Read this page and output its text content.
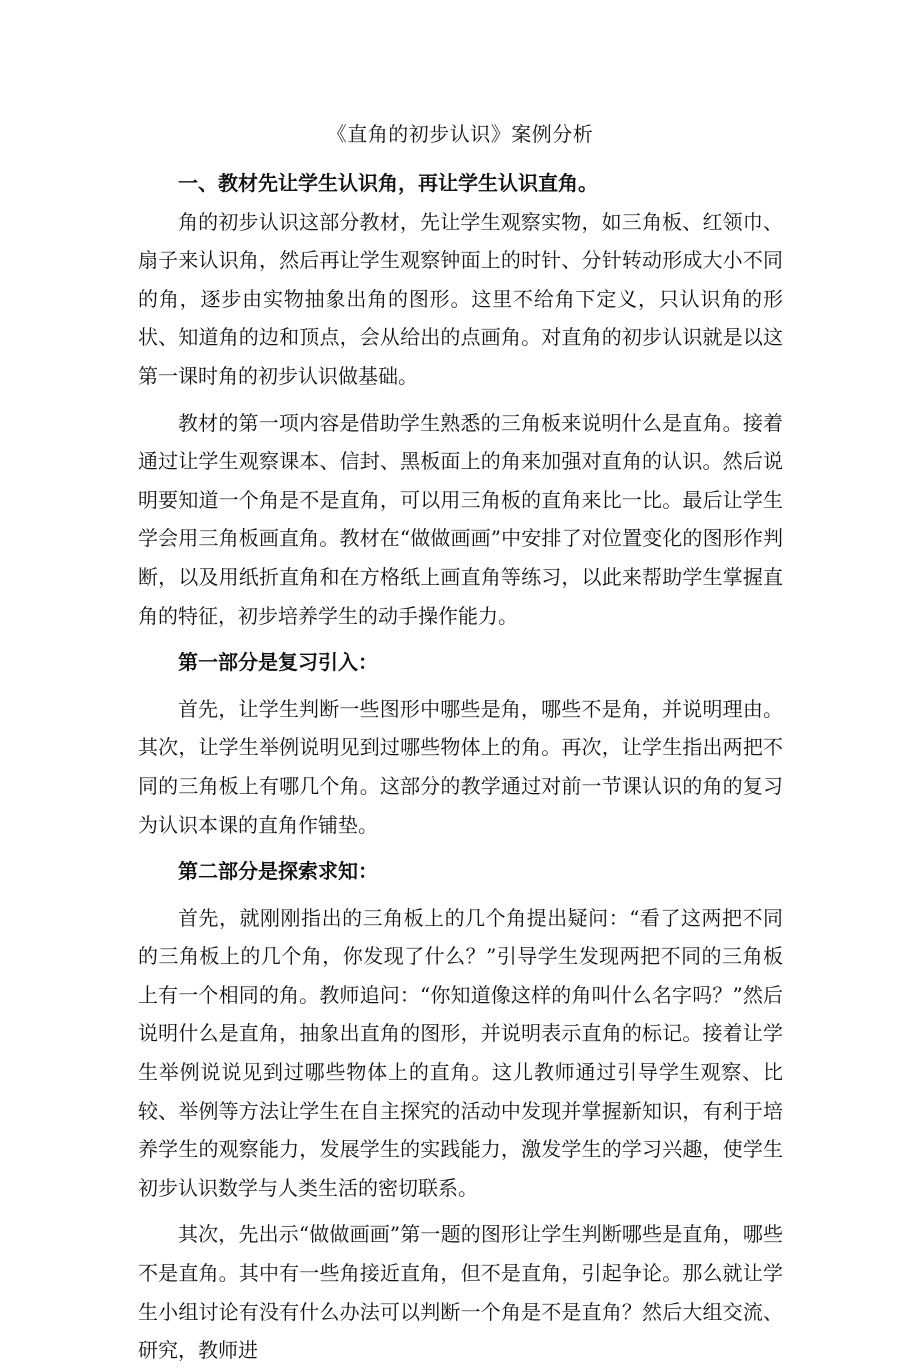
《直角的初步认识》案例分析

一、教材先让学生认识角，再让学生认识直角。

角的初步认识这部分教材，先让学生观察实物，如三角板、红领巾、扇子来认识角，然后再让学生观察钟面上的时针、分针转动形成大小不同的角，逐步由实物抽象出角的图形。这里不给角下定义，只认识角的形状、知道角的边和顶点，会从给出的点画角。对直角的初步认识就是以这第一课时角的初步认识做基础。

教材的第一项内容是借助学生熟悉的三角板来说明什么是直角。接着通过让学生观察课本、信封、黑板面上的角来加强对直角的认识。然后说明要知道一个角是不是直角，可以用三角板的直角来比一比。最后让学生学会用三角板画直角。教材在“做做画画”中安排了对位置变化的图形作判断，以及用纸折直角和在方格纸上画直角等练习，以此来帮助学生掌握直角的特征，初步培养学生的动手操作能力。

第一部分是复习引入：

首先，让学生判断一些图形中哪些是角，哪些不是角，并说明理由。其次，让学生举例说明见到过哪些物体上的角。再次，让学生指出两把不同的三角板上有哪几个角。这部分的教学通过对前一节课认识的角的复习为认识本课的直角作铺垫。

第二部分是探索求知：

首先，就刚刚指出的三角板上的几个角提出疑问：“看了这两把不同的三角板上的几个角，你发现了什么？”引导学生发现两把不同的三角板上有一个相同的角。教师追问：“你知道像这样的角叫什么名字吗？”然后说明什么是直角，抽象出直角的图形，并说明表示直角的标记。接着让学生举例说说见到过哪些物体上的直角。这儿教师通过引导学生观察、比较、举例等方法让学生在自主探究的活动中发现并掌握新知识，有利于培养学生的观察能力，发展学生的实践能力，激发学生的学习兴趣，使学生初步认识数学与人类生活的密切联系。

其次，先出示“做做画画”第一题的图形让学生判断哪些是直角，哪些不是直角。其中有一些角接近直角，但不是直角，引起争论。那么就让学生小组讨论有没有什么办法可以判断一个角是不是直角？然后大组交流、研究，教师进
